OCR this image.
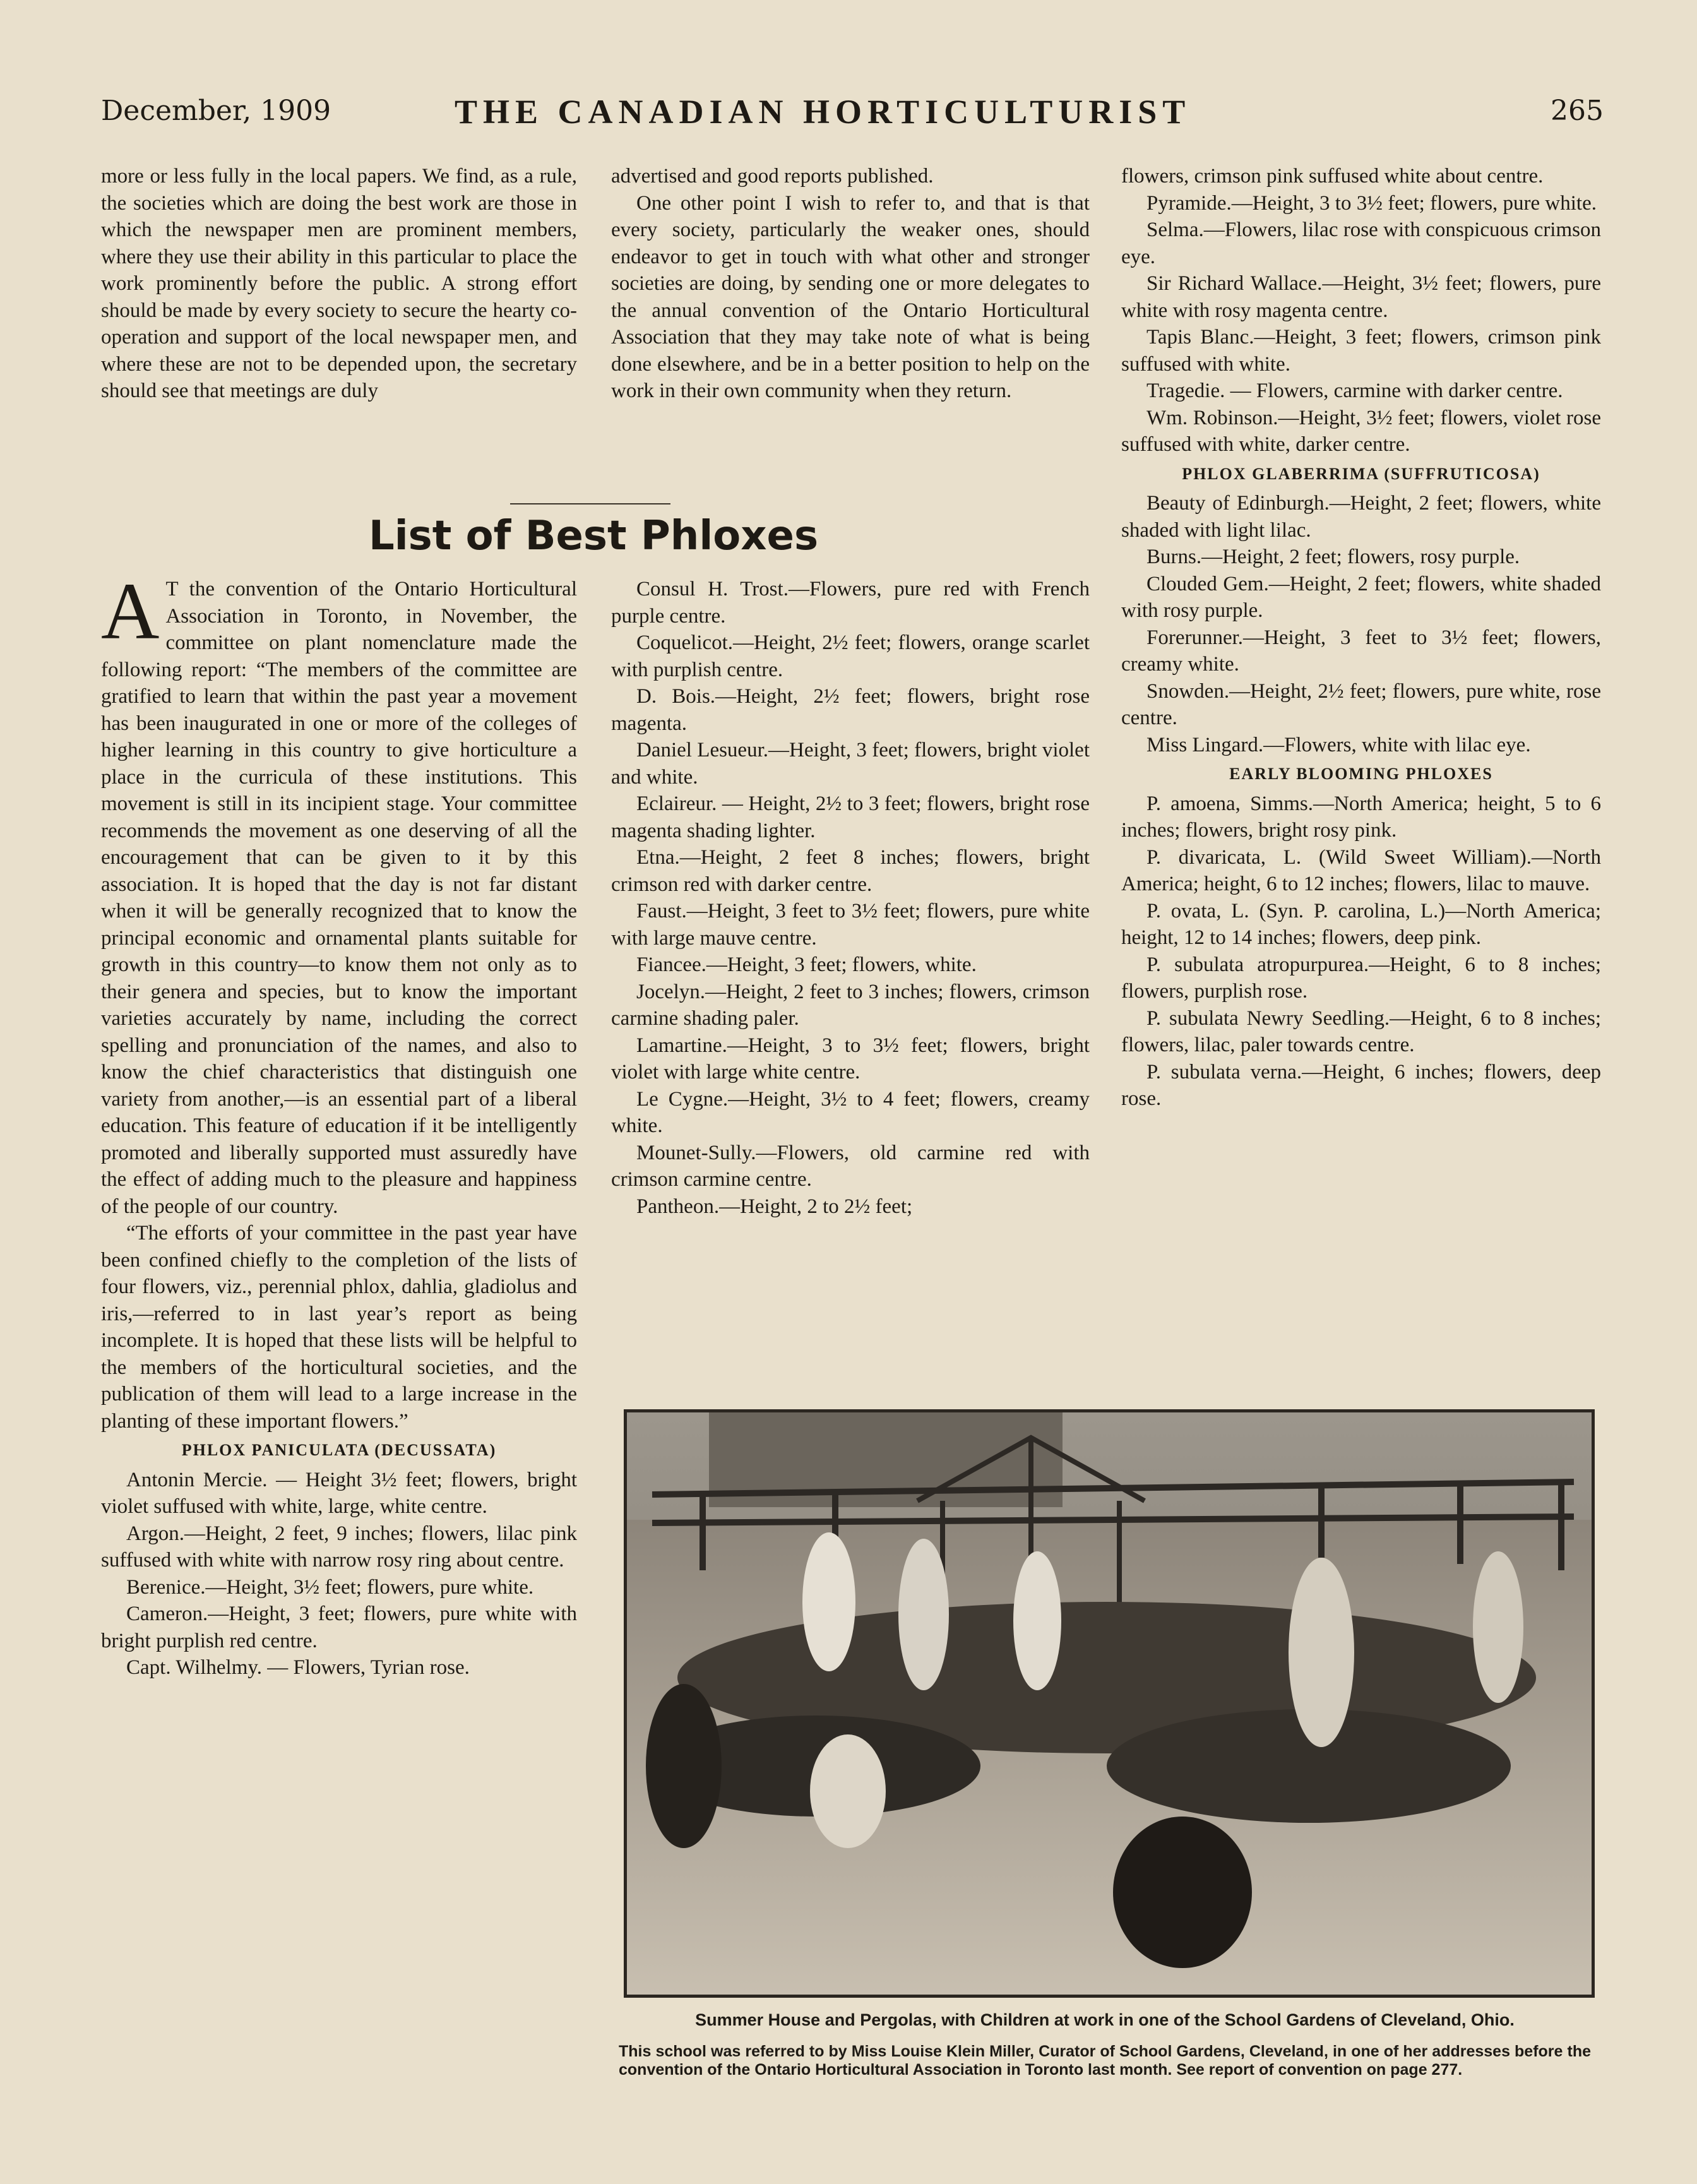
December, 1909	THE CANADIAN HORTICULTURIST	265

more or less fully in the local papers. We find, as a rule, the societies which are doing the best work are those in which the newspaper men are prominent members, where they use their ability in this particular to place the work prominently before the public. A strong effort should be made by every society to secure the hearty co-operation and support of the local newspaper men, and where these are not to be depended upon, the secretary should see that meetings are duly

advertised and good reports published.

One other point I wish to refer to, and that is that every society, particularly the weaker ones, should endeavor to get in touch with what other and stronger societies are doing, by sending one or more delegates to the annual convention of the Ontario Horticultural Association that they may take note of what is being done elsewhere, and be in a better position to help on the work in their own community when they return.

List of Best Phloxes

A T the convention of the Ontario Horticultural Association in Toronto, in November, the committee on plant nomenclature made the following report: “The members of the committee are gratified to learn that within the past year a movement has been inaugurated in one or more of the colleges of higher learning in this country to give horticulture a place in the curricula of these institutions. This movement is still in its incipient stage. Your committee recommends the movement as one deserving of all the encouragement that can be given to it by this association. It is hoped that the day is not far distant when it will be generally recognized that to know the principal economic and ornamental plants suitable for growth in this country—to know them not only as to their genera and species, but to know the important varieties accurately by name, including the correct spelling and pronunciation of the names, and also to know the chief characteristics that distinguish one variety from another,—is an essential part of a liberal education. This feature of education if it be intelligently promoted and liberally supported must assuredly have the effect of adding much to the pleasure and happiness of the people of our country.

“The efforts of your committee in the past year have been confined chiefly to the completion of the lists of four flowers, viz., perennial phlox, dahlia, gladiolus and iris,—referred to in last year’s report as being incomplete. It is hoped that these lists will be helpful to the members of the horticultural societies, and the publication of them will lead to a large increase in the planting of these important flowers.”

PHLOX PANICULATA (DECUSSATA)

Antonin Mercie. — Height 3½ feet; flowers, bright violet suffused with white, large, white centre.

Argon.—Height, 2 feet, 9 inches; flowers, lilac pink suffused with white with narrow rosy ring about centre.

Berenice.—Height, 3½ feet; flowers, pure white.

Cameron.—Height, 3 feet; flowers, pure white with bright purplish red centre.

Capt. Wilhelmy. — Flowers, Tyrian rose.

Consul H. Trost.—Flowers, pure red with French purple centre.

Coquelicot.—Height, 2½ feet; flowers, orange scarlet with purplish centre.

D. Bois.—Height, 2½ feet; flowers, bright rose magenta.

Daniel Lesueur.—Height, 3 feet; flowers, bright violet and white.

Eclaireur. — Height, 2½ to 3 feet; flowers, bright rose magenta shading lighter.

Etna.—Height, 2 feet 8 inches; flowers, bright crimson red with darker centre.

Faust.—Height, 3 feet to 3½ feet; flowers, pure white with large mauve centre.

Fiancee.—Height, 3 feet; flowers, white.

Jocelyn.—Height, 2 feet to 3 inches; flowers, crimson carmine shading paler.

Lamartine.—Height, 3 to 3½ feet; flowers, bright violet with large white centre.

Le Cygne.—Height, 3½ to 4 feet; flowers, creamy white.

Mounet-Sully.—Flowers, old carmine red with crimson carmine centre.

Pantheon.—Height, 2 to 2½ feet;

flowers, crimson pink suffused white about centre.

Pyramide.—Height, 3 to 3½ feet; flowers, pure white.

Selma.—Flowers, lilac rose with conspicuous crimson eye.

Sir Richard Wallace.—Height, 3½ feet; flowers, pure white with rosy magenta centre.

Tapis Blanc.—Height, 3 feet; flowers, crimson pink suffused with white.

Tragedie. — Flowers, carmine with darker centre.

Wm. Robinson.—Height, 3½ feet; flowers, violet rose suffused with white, darker centre.

PHLOX GLABERRIMA (SUFFRUTICOSA)

Beauty of Edinburgh.—Height, 2 feet; flowers, white shaded with light lilac.

Burns.—Height, 2 feet; flowers, rosy purple.

Clouded Gem.—Height, 2 feet; flowers, white shaded with rosy purple.

Forerunner.—Height, 3 feet to 3½ feet; flowers, creamy white.

Snowden.—Height, 2½ feet; flowers, pure white, rose centre.

Miss Lingard.—Flowers, white with lilac eye.

EARLY BLOOMING PHLOXES

P. amoena, Simms.—North America; height, 5 to 6 inches; flowers, bright rosy pink.

P. divaricata, L. (Wild Sweet William).—North America; height, 6 to 12 inches; flowers, lilac to mauve.

P. ovata, L. (Syn. P. carolina, L.)—North America; height, 12 to 14 inches; flowers, deep pink.

P. subulata atropurpurea.—Height, 6 to 8 inches; flowers, purplish rose.

P. subulata Newry Seedling.—Height, 6 to 8 inches; flowers, lilac, paler towards centre.

P. subulata verna.—Height, 6 inches; flowers, deep rose.

Summer House and Pergolas, with Children at work in one of the School Gardens of Cleveland, Ohio.
This school was referred to by Miss Louise Klein Miller, Curator of School Gardens, Cleveland, in one of her addresses before the convention of the Ontario Horticultural Association in Toronto last month. See report of convention on page 277.
